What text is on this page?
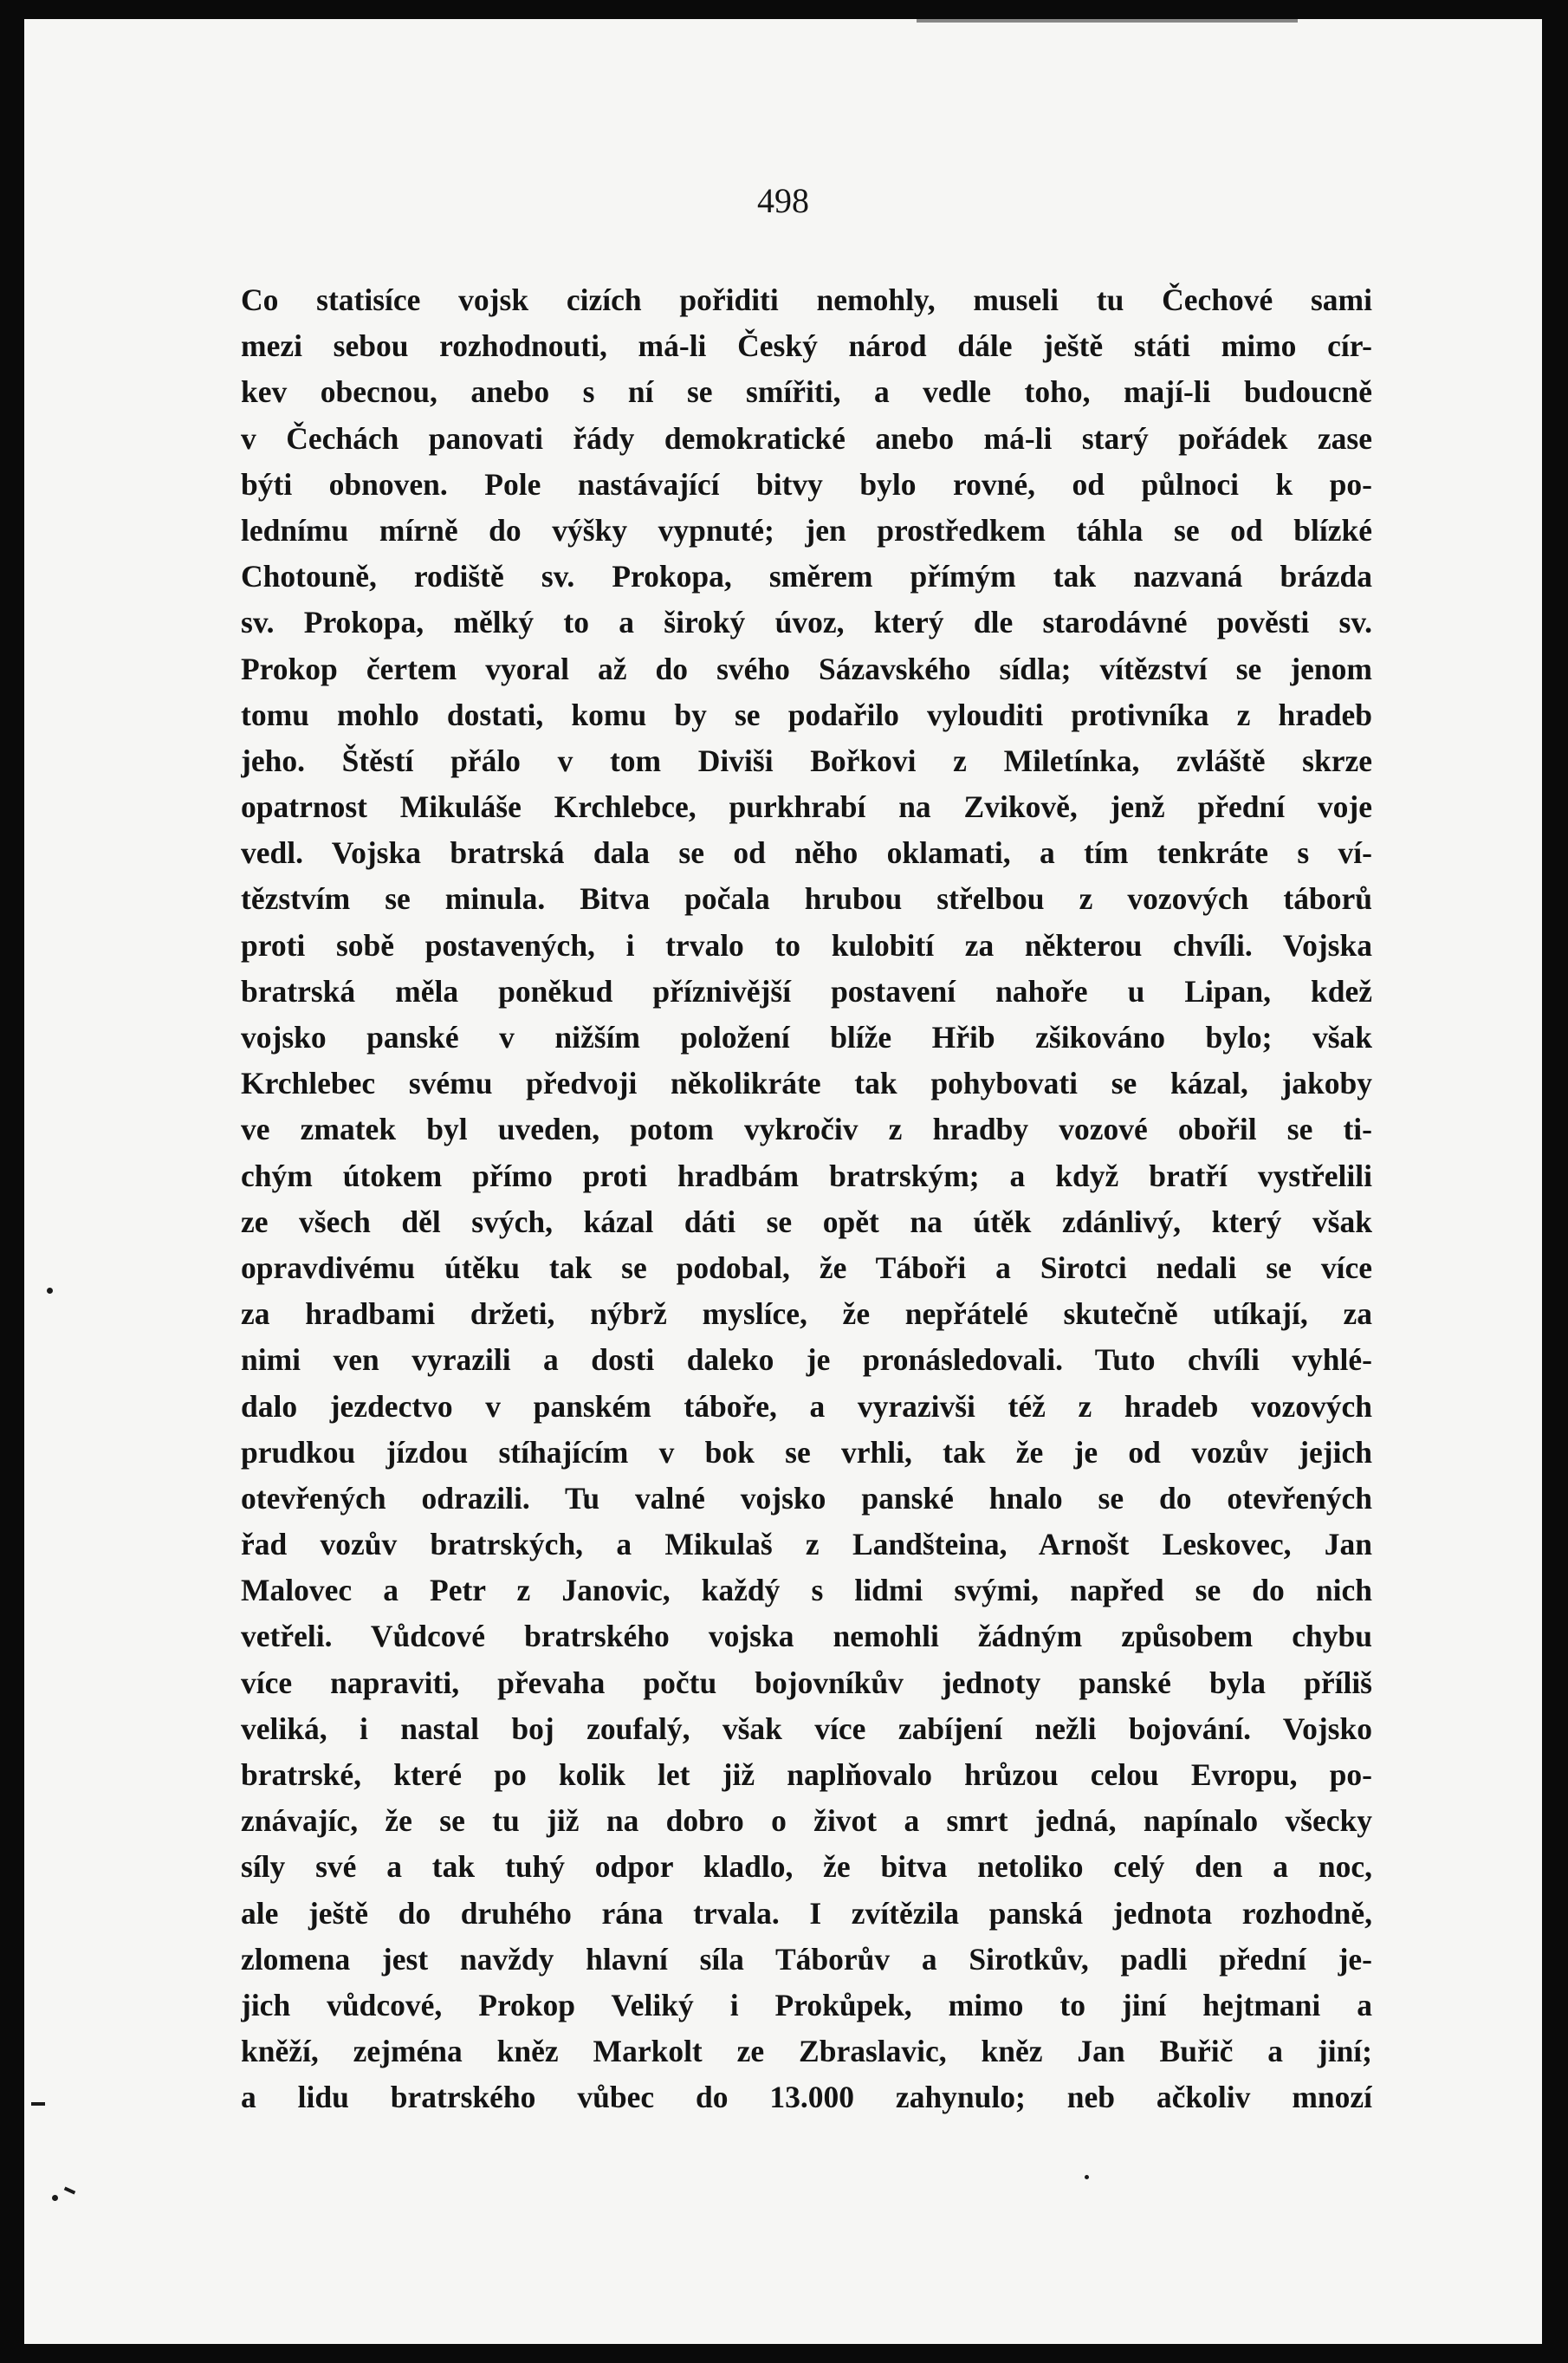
498

Co statisíce vojsk cizích pořiditi nemohly, museli tu Čechové sami
mezi sebou rozhodnouti, má-li Český národ dále ještě státi mimo cír-
kev obecnou, anebo s ní se smířiti, a vedle toho, mají-li budoucně
v Čechách panovati řády demokratické anebo má-li starý pořádek zase
býti obnoven. Pole nastávající bitvy bylo rovné, od půlnoci k po-
lednímu mírně do výšky vypnuté; jen prostředkem táhla se od blízké
Chotouně, rodiště sv. Prokopa, směrem přímým tak nazvaná brázda
sv. Prokopa, mělký to a široký úvoz, který dle starodávné pověsti sv.
Prokop čertem vyoral až do svého Sázavského sídla; vítězství se jenom
tomu mohlo dostati, komu by se podařilo vylouditi protivníka z hradeb
jeho. Štěstí přálo v tom Diviši Bořkovi z Miletínka, zvláště skrze
opatrnost Mikuláše Krchlebce, purkhrabí na Zvikově, jenž přední voje
vedl. Vojska bratrská dala se od něho oklamati, a tím tenkráte s ví-
tězstvím se minula. Bitva počala hrubou střelbou z vozových táborů
proti sobě postavených, i trvalo to kulobití za některou chvíli. Vojska
bratrská měla poněkud příznivější postavení nahoře u Lipan, kdež
vojsko panské v nižším položení blíže Hřib zšikováno bylo; však
Krchlebec svému předvoji několikráte tak pohybovati se kázal, jakoby
ve zmatek byl uveden, potom vykročiv z hradby vozové obořil se ti-
chým útokem přímo proti hradbám bratrským; a když bratří vystřelili
ze všech děl svých, kázal dáti se opět na útěk zdánlivý, který však
opravdivému útěku tak se podobal, že Táboři a Sirotci nedali se více
za hradbami držeti, nýbrž myslíce, že nepřátelé skutečně utíkají, za
nimi ven vyrazili a dosti daleko je pronásledovali. Tuto chvíli vyhlé-
dalo jezdectvo v panském táboře, a vyrazivši též z hradeb vozových
prudkou jízdou stíhajícím v bok se vrhli, tak že je od vozův jejich
otevřených odrazili. Tu valné vojsko panské hnalo se do otevřených
řad vozův bratrských, a Mikulaš z Landšteina, Arnošt Leskovec, Jan
Malovec a Petr z Janovic, každý s lidmi svými, napřed se do nich
vetřeli. Vůdcové bratrského vojska nemohli žádným způsobem chybu
více napraviti, převaha počtu bojovníkův jednoty panské byla příliš
veliká, i nastal boj zoufalý, však více zabíjení nežli bojování. Vojsko
bratrské, které po kolik let již naplňovalo hrůzou celou Evropu, po-
znávajíc, že se tu již na dobro o život a smrt jedná, napínalo všecky
síly své a tak tuhý odpor kladlo, že bitva netoliko celý den a noc,
ale ještě do druhého rána trvala. I zvítězila panská jednota rozhodně,
zlomena jest navždy hlavní síla Táborův a Sirotkův, padli přední je-
jich vůdcové, Prokop Veliký i Prokůpek, mimo to jiní hejtmani a
kněží, zejména kněz Markolt ze Zbraslavic, kněz Jan Buřič a jiní;
a lidu bratrského vůbec do 13.000 zahynulo; neb ačkoliv mnozí
